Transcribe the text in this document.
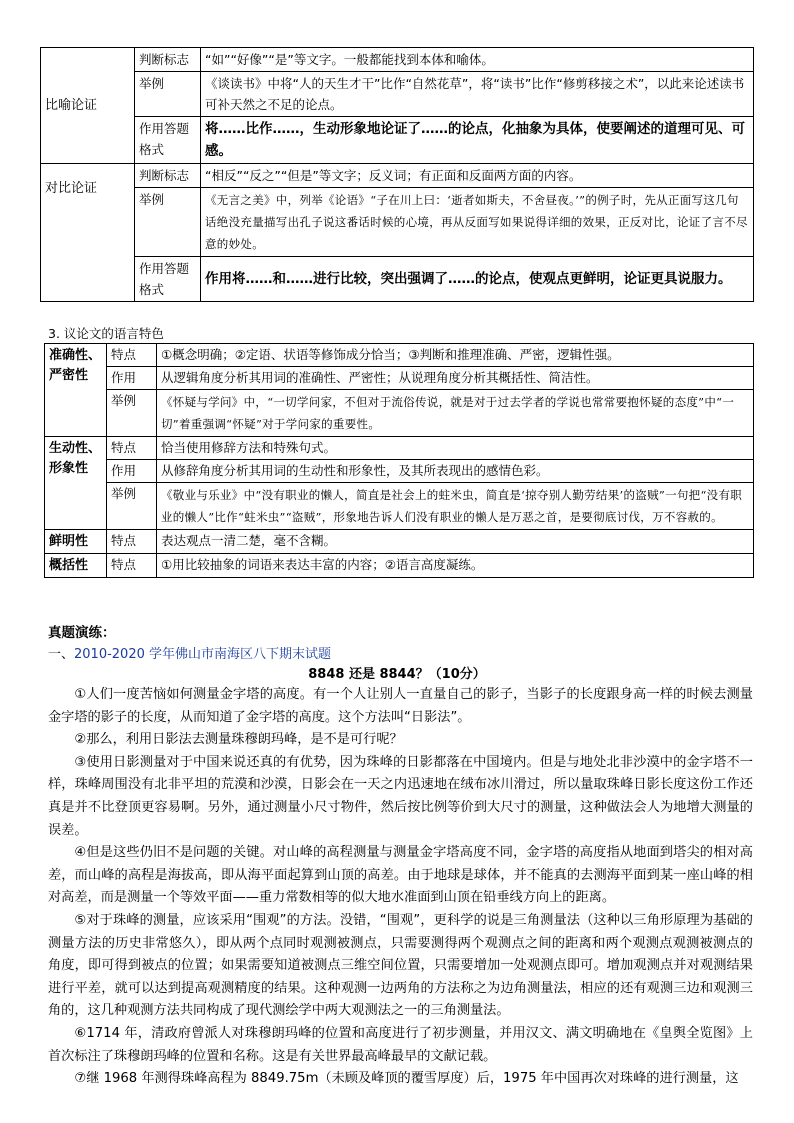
比喻论证	判断标志	“如”“好像”“是”等文字。一般都能找到本体和喻体。
	举例	《谈读书》中将“人的天生才干”比作“自然花草”，将“读书”比作“修剪移接之术”，以此来论述读书可补天然之不足的论点。
	作用答题格式	将……比作……，生动形象地论证了……的论点，化抽象为具体，使要阐述的道理可见、可感。
对比论证	判断标志	“相反”“反之”“但是”等文字；反义词；有正面和反面两方面的内容。
	举例	《无言之美》中，列举《论语》“子在川上曰：‘逝者如斯夫，不舍昼夜。’”的例子时，先从正面写这几句话绝没充量描写出孔子说这番话时候的心境，再从反面写如果说得详细的效果，正反对比，论证了言不尽意的妙处。
	作用答题格式	作用将……和……进行比较，突出强调了……的论点，使观点更鲜明，论证更具说服力。
3. 议论文的语言特色
准确性、严密性	特点	①概念明确；②定语、状语等修饰成分恰当；③判断和推理准确、严密，逻辑性强。
	作用	从逻辑角度分析其用词的准确性、严密性；从说理角度分析其概括性、简洁性。
	举例	《怀疑与学问》中，“一切学问家，不但对于流俗传说，就是对于过去学者的学说也常常要抱怀疑的态度”中“一切”着重强调“怀疑”对于学问家的重要性。
生动性、形象性	特点	恰当使用修辞方法和特殊句式。
	作用	从修辞角度分析其用词的生动性和形象性，及其所表现出的感情色彩。
	举例	《敬业与乐业》中“没有职业的懒人，简直是社会上的蛀米虫，简直是‘掠夺别人勤劳结果’的盗贼”一句把“没有职业的懒人”比作“蛀米虫”“盗贼”，形象地告诉人们没有职业的懒人是万恶之首，是要彻底讨伐，万不容赦的。
鲜明性	特点	表达观点一清二楚，毫不含糊。
概括性	特点	①用比较抽象的词语来表达丰富的内容；②语言高度凝练。
真题演练：
一、2010-2020 学年佛山市南海区八下期末试题
8848 还是 8844？（10分）

①人们一度苦恼如何测量金字塔的高度。有一个人让别人一直量自己的影子，当影子的长度跟身高一样的时候去测量金字塔的影子的长度，从而知道了金字塔的高度。这个方法叫“日影法”。

②那么，利用日影法去测量珠穆朗玛峰，是不是可行呢？

③使用日影测量对于中国来说还真的有优势，因为珠峰的日影都落在中国境内。但是与地处北非沙漠中的金字塔不一样，珠峰周围没有北非平坦的荒漠和沙漠，日影会在一天之内迅速地在绒布冰川滑过，所以量取珠峰日影长度这份工作还真是并不比登顶更容易啊。另外，通过测量小尺寸物件，然后按比例等价到大尺寸的测量，这种做法会人为地增大测量的误差。

④但是这些仍旧不是问题的关键。对山峰的高程测量与测量金字塔高度不同，金字塔的高度指从地面到塔尖的相对高差，而山峰的高程是海拔高，即从海平面起算到山顶的高差。由于地球是球体，并不能真的去测海平面到某一座山峰的相对高差，而是测量一个等效平面——重力常数相等的似大地水准面到山顶在铅垂线方向上的距离。

⑤对于珠峰的测量，应该采用“围观”的方法。没错，“围观”，更科学的说是三角测量法（这种以三角形原理为基础的测量方法的历史非常悠久），即从两个点同时观测被测点，只需要测得两个观测点之间的距离和两个观测点观测被测点的角度，即可得到被点的位置；如果需要知道被测点三维空间位置，只需要增加一处观测点即可。增加观测点并对观测结果进行平差，就可以达到提高观测精度的结果。这种观测一边两角的方法称之为边角测量法，相应的还有观测三边和观测三角的，这几种观测方法共同构成了现代测绘学中两大观测法之一的三角测量法。

⑥1714 年，清政府曾派人对珠穆朗玛峰的位置和高度进行了初步测量，并用汉文、满文明确地在《皇舆全览图》上首次标注了珠穆朗玛峰的位置和名称。这是有关世界最高峰最早的文献记载。

⑦继 1968 年测得珠峰高程为 8849.75m（未顾及峰顶的覆雪厚度）后，1975 年中国再次对珠峰的进行测量，这
